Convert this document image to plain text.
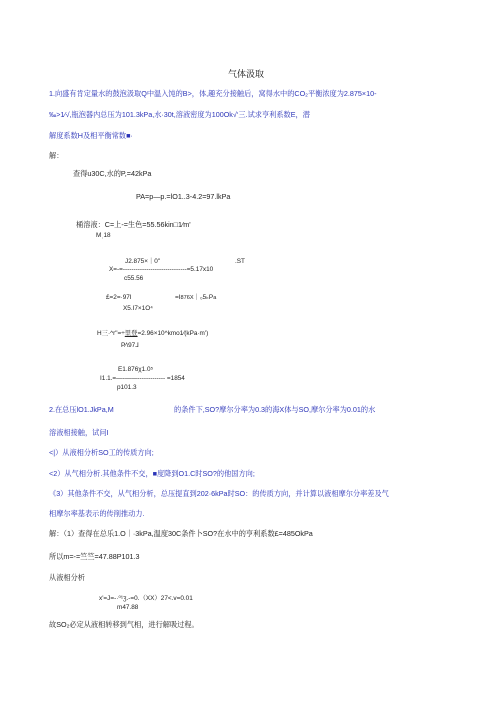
气体汲取
1.向盛有肯定量水的鼓泡汲取Q中温入饨的B>，体,趣充分接触后，窝得水中的CO₂平衡浓度为2.875×10-
‰>1⁄√,瓶泡器内总压为101.3kPa,水·30t,溶液密度为100Ok√‘三.试求亨利系数E，潜
解度系数H及相平衡常数■·
解：
查得u30C,水的P,=42kPa
PA=p—p.=lO1..3-4.2=97.lkPa
桶溶液：C=上-=生色=55.56kin□1⁄m'
Mˌ18
J2.875×｜0"	.ST
X=-=------------------------------=5.17x10
c55.56
£=2=·97I	=I876X｜₀5ₖPa
X5.I7×1O⁴
H三·^r"=÷里登=2.96×10^kmo1⁄(kPa·m')
P⁄\97⅃
E1.876χ1.0⁵
I1.1.=—-——------------- =1854
p101.3
2.在总压lO1.JkPa,M	的条件下,SO?摩尔分率为0.3的海X体与SO,摩尔分率为0.01的水
溶液相接触，试问I
<|）从液相分析SO工的传质方向;
<2）从气相分析.其他条件不交，■度降到O1.C时SO?的他国方向;
《3）其他条件不交，从气相分析，总压提直到202·6kPa时SO：的传质方向，并计算以液相摩尔分率差及气
相摩尔率基表示的传削推动力.
解：（1）查得在总乐1.O｜·3kPa,温度30C条件卜SO?在水中的亨利系数£=485OkPa
所以m=-=竺竺=47.88P101.3
从液相分析
x'=J=-·⁰¹ʒ.-=0.（XX）27<.v=0.01
m47.88
故SO₂必定从液相转移到气相，进行解吸过程。
